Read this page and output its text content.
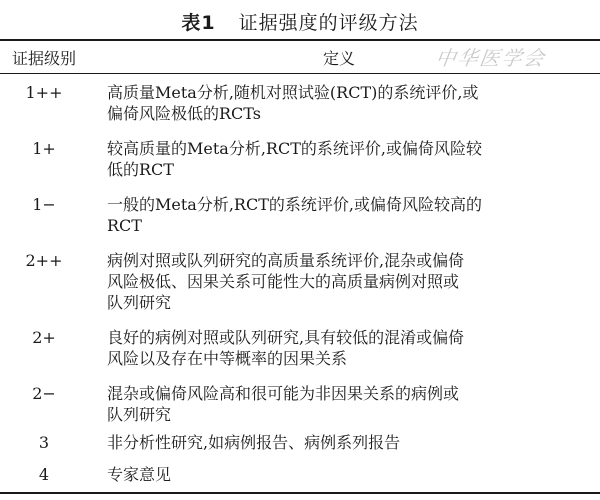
表1 证据强度的评级方法
证据级别	定义	中华医学会
1++	高质量Meta分析,随机对照试验(RCT)的系统评价,或
偏倚风险极低的RCTs
1+	较高质量的Meta分析,RCT的系统评价,或偏倚风险较
低的RCT
1−	一般的Meta分析,RCT的系统评价,或偏倚风险较高的
RCT
2++	病例对照或队列研究的高质量系统评价,混杂或偏倚
风险极低、因果关系可能性大的高质量病例对照或
队列研究
2+	良好的病例对照或队列研究,具有较低的混淆或偏倚
风险以及存在中等概率的因果关系
2−	混杂或偏倚风险高和很可能为非因果关系的病例或
队列研究
3	非分析性研究,如病例报告、病例系列报告
4	专家意见
